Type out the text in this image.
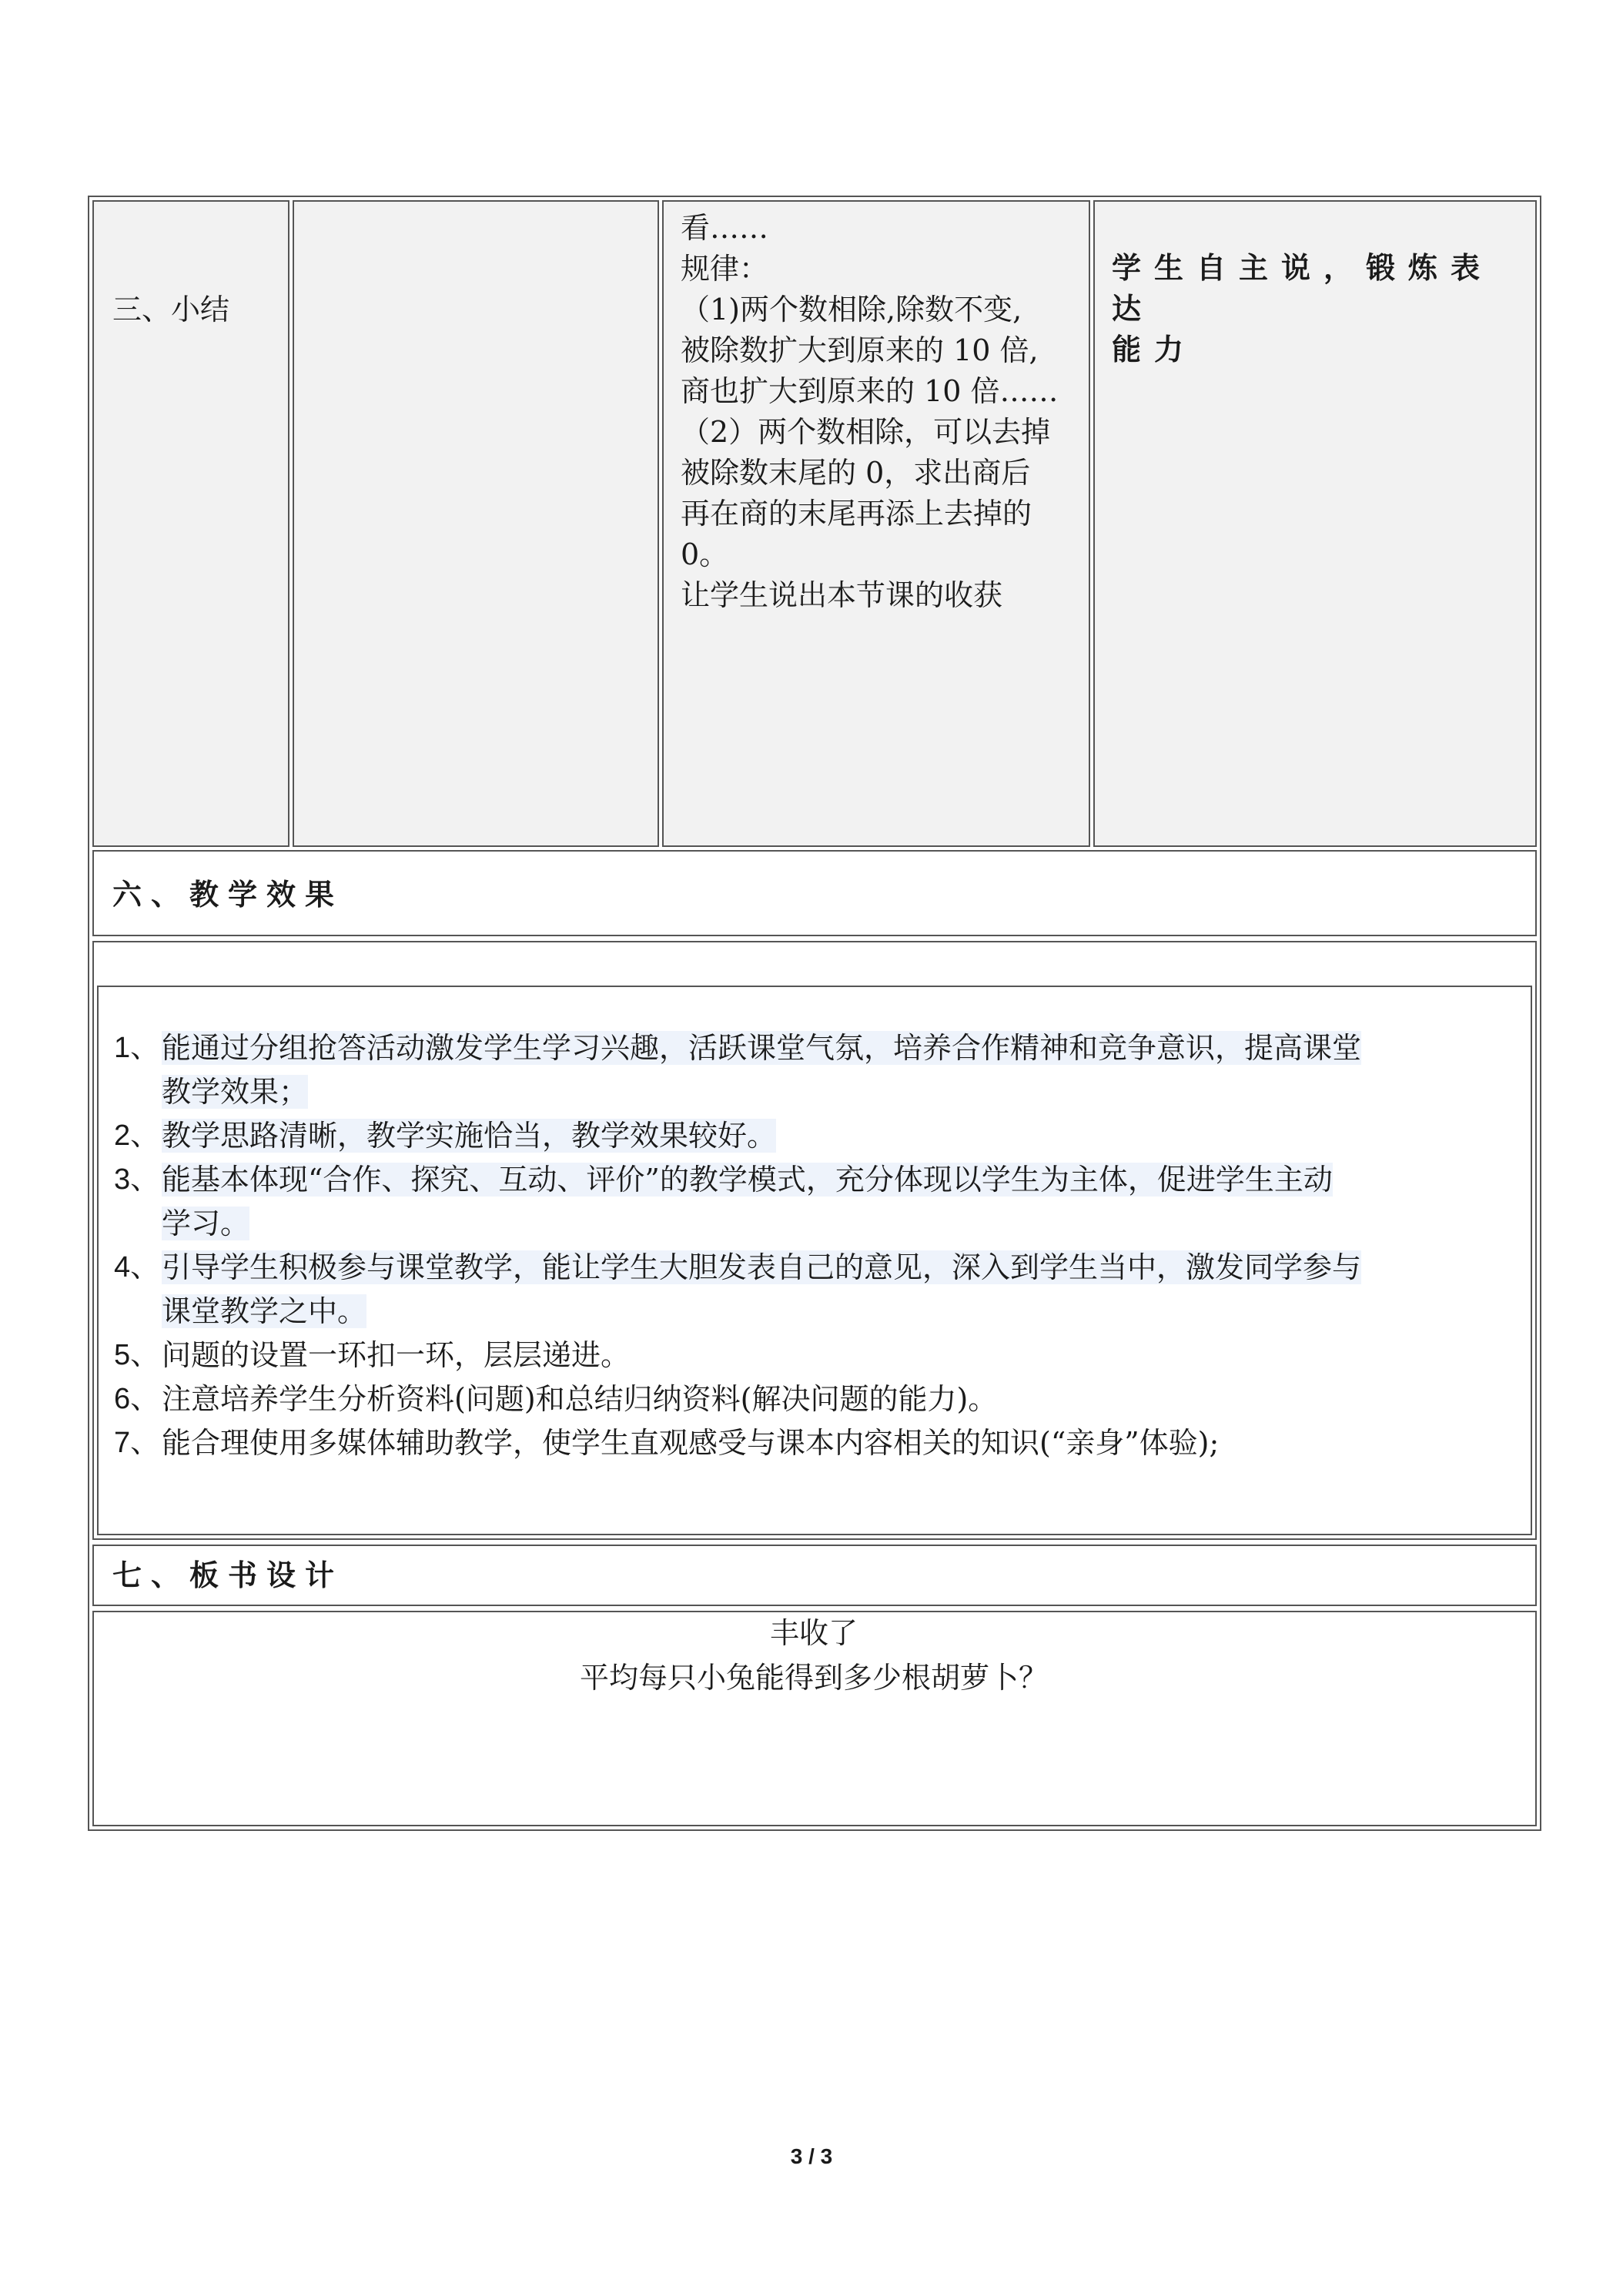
三、小结
看……
规律：
（1)两个数相除,除数不变,
被除数扩大到原来的 10 倍,
商也扩大到原来的 10 倍……
（2）两个数相除，可以去掉
被除数末尾的 0，求出商后
再在商的末尾再添上去掉的
0。
让学生说出本节课的收获
学生自主说，锻炼表达
能力
六、教学效果
1、 能通过分组抢答活动激发学生学习兴趣，活跃课堂气氛，培养合作精神和竞争意识，提高课堂
教学效果；
2、 教学思路清晰，教学实施恰当，教学效果较好。
3、 能基本体现“合作、探究、互动、评价”的教学模式，充分体现以学生为主体，促进学生主动
学习。
4、 引导学生积极参与课堂教学，能让学生大胆发表自己的意见，深入到学生当中，激发同学参与
课堂教学之中。
5、 问题的设置一环扣一环，层层递进。
6、 注意培养学生分析资料(问题)和总结归纳资料(解决问题的能力)。
7、 能合理使用多媒体辅助教学，使学生直观感受与课本内容相关的知识(“亲身”体验);
七、板书设计
丰收了
平均每只小兔能得到多少根胡萝卜？
3 / 3
